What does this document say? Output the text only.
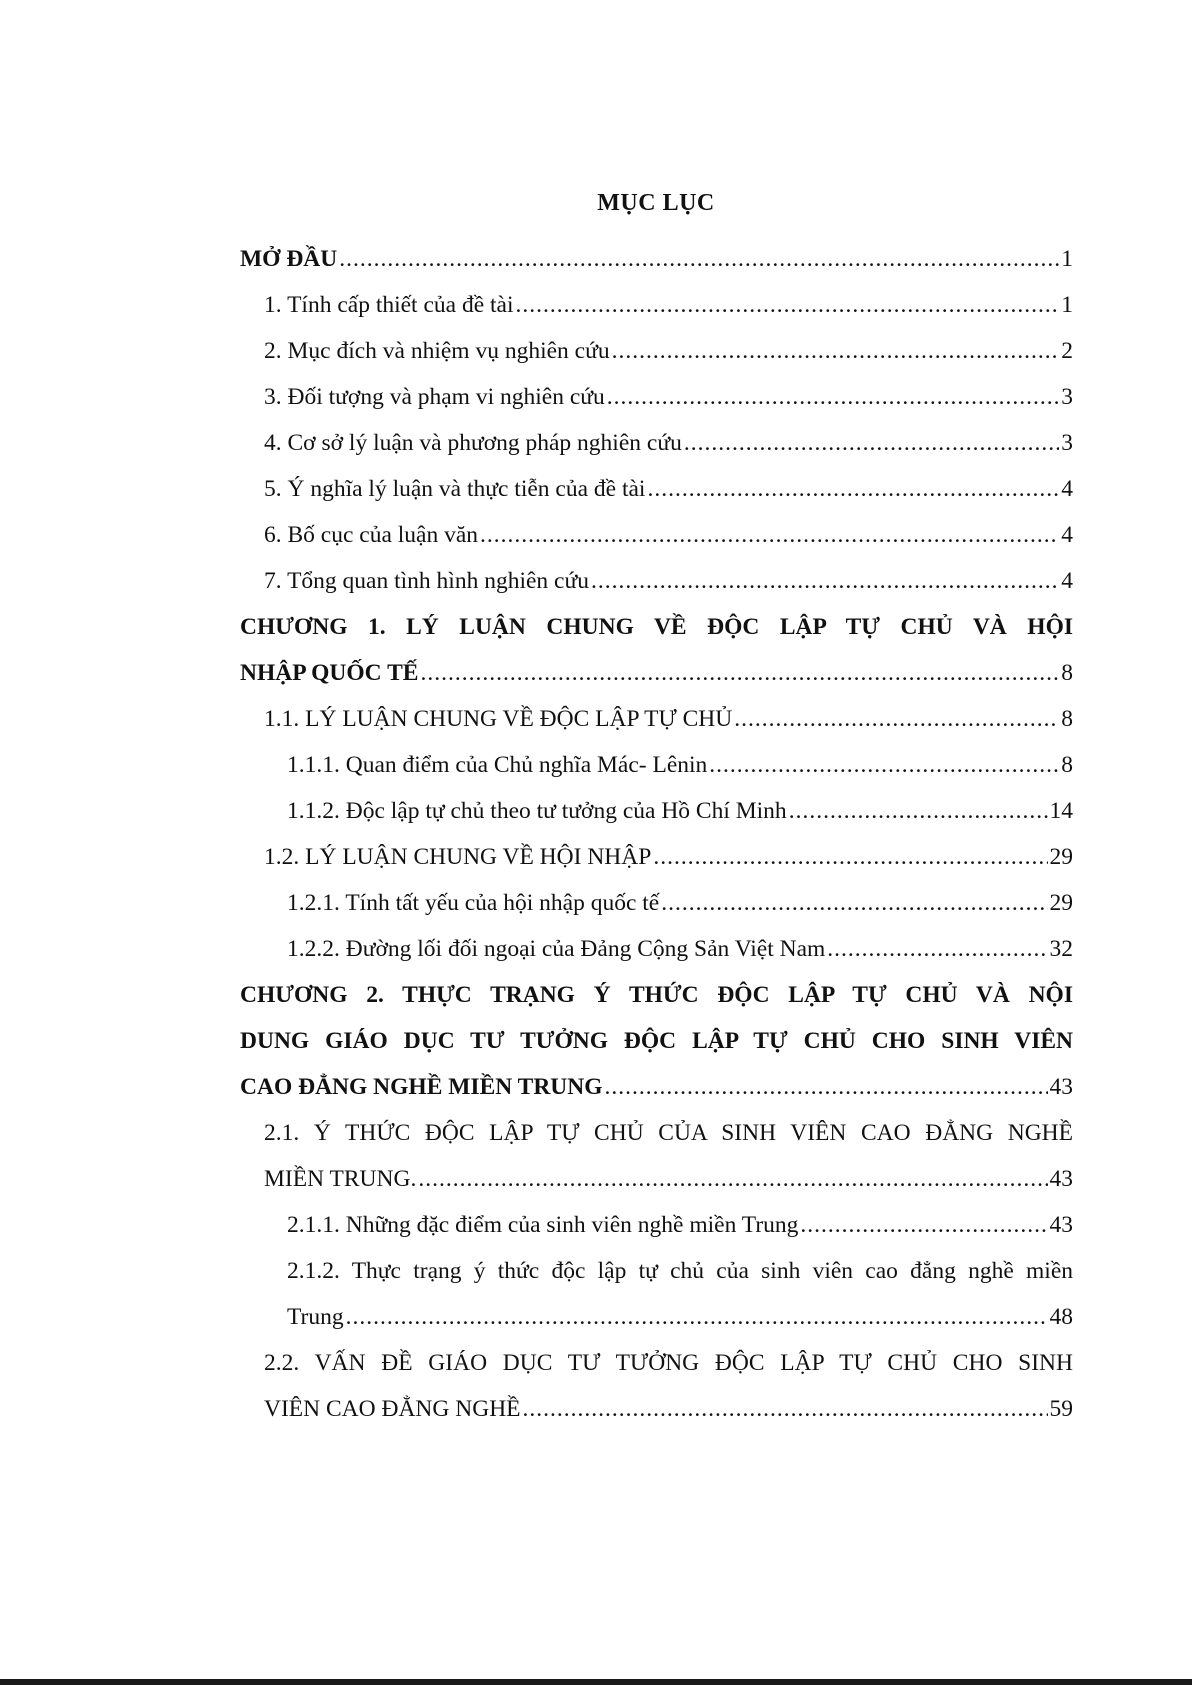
MỤC LỤC
MỞ ĐẦU .....	1
1. Tính cấp thiết của đề tài .....	1
2. Mục đích và nhiệm vụ nghiên cứu .....	2
3. Đối tượng và phạm vi nghiên cứu .....	3
4. Cơ sở lý luận và phương pháp nghiên cứu .....	3
5. Ý nghĩa lý luận và thực tiễn của đề tài .....	4
6. Bố cục của luận văn .....	4
7. Tổng quan tình hình nghiên cứu .....	4
CHƯƠNG 1. LÝ LUẬN CHUNG VỀ ĐỘC LẬP TỰ CHỦ VÀ HỘI
NHẬP QUỐC TẾ .....	8
1.1. LÝ LUẬN CHUNG VỀ ĐỘC LẬP TỰ CHỦ .....	8
1.1.1. Quan điểm của Chủ nghĩa Mác- Lênin .....	8
1.1.2. Độc lập tự chủ theo tư tưởng của Hồ Chí Minh .....	14
1.2. LÝ LUẬN CHUNG VỀ HỘI NHẬP .....	29
1.2.1. Tính tất yếu của hội nhập quốc tế .....	29
1.2.2. Đường lối đối ngoại của Đảng Cộng Sản Việt Nam .....	32
CHƯƠNG 2. THỰC TRẠNG Ý THỨC ĐỘC LẬP TỰ CHỦ VÀ NỘI
DUNG GIÁO DỤC TƯ TƯỞNG ĐỘC LẬP TỰ CHỦ CHO SINH VIÊN
CAO ĐẲNG NGHỀ MIỀN TRUNG .....	43
2.1. Ý THỨC ĐỘC LẬP TỰ CHỦ CỦA SINH VIÊN CAO ĐẲNG NGHỀ
MIỀN TRUNG. .....	43
2.1.1. Những đặc điểm của sinh viên nghề miền Trung .....	43
2.1.2. Thực trạng ý thức độc lập tự chủ của sinh viên cao đẳng nghề miền
Trung .....	48
2.2. VẤN ĐỀ GIÁO DỤC TƯ TƯỞNG ĐỘC LẬP TỰ CHỦ CHO SINH
VIÊN CAO ĐẲNG NGHỀ .....	59
